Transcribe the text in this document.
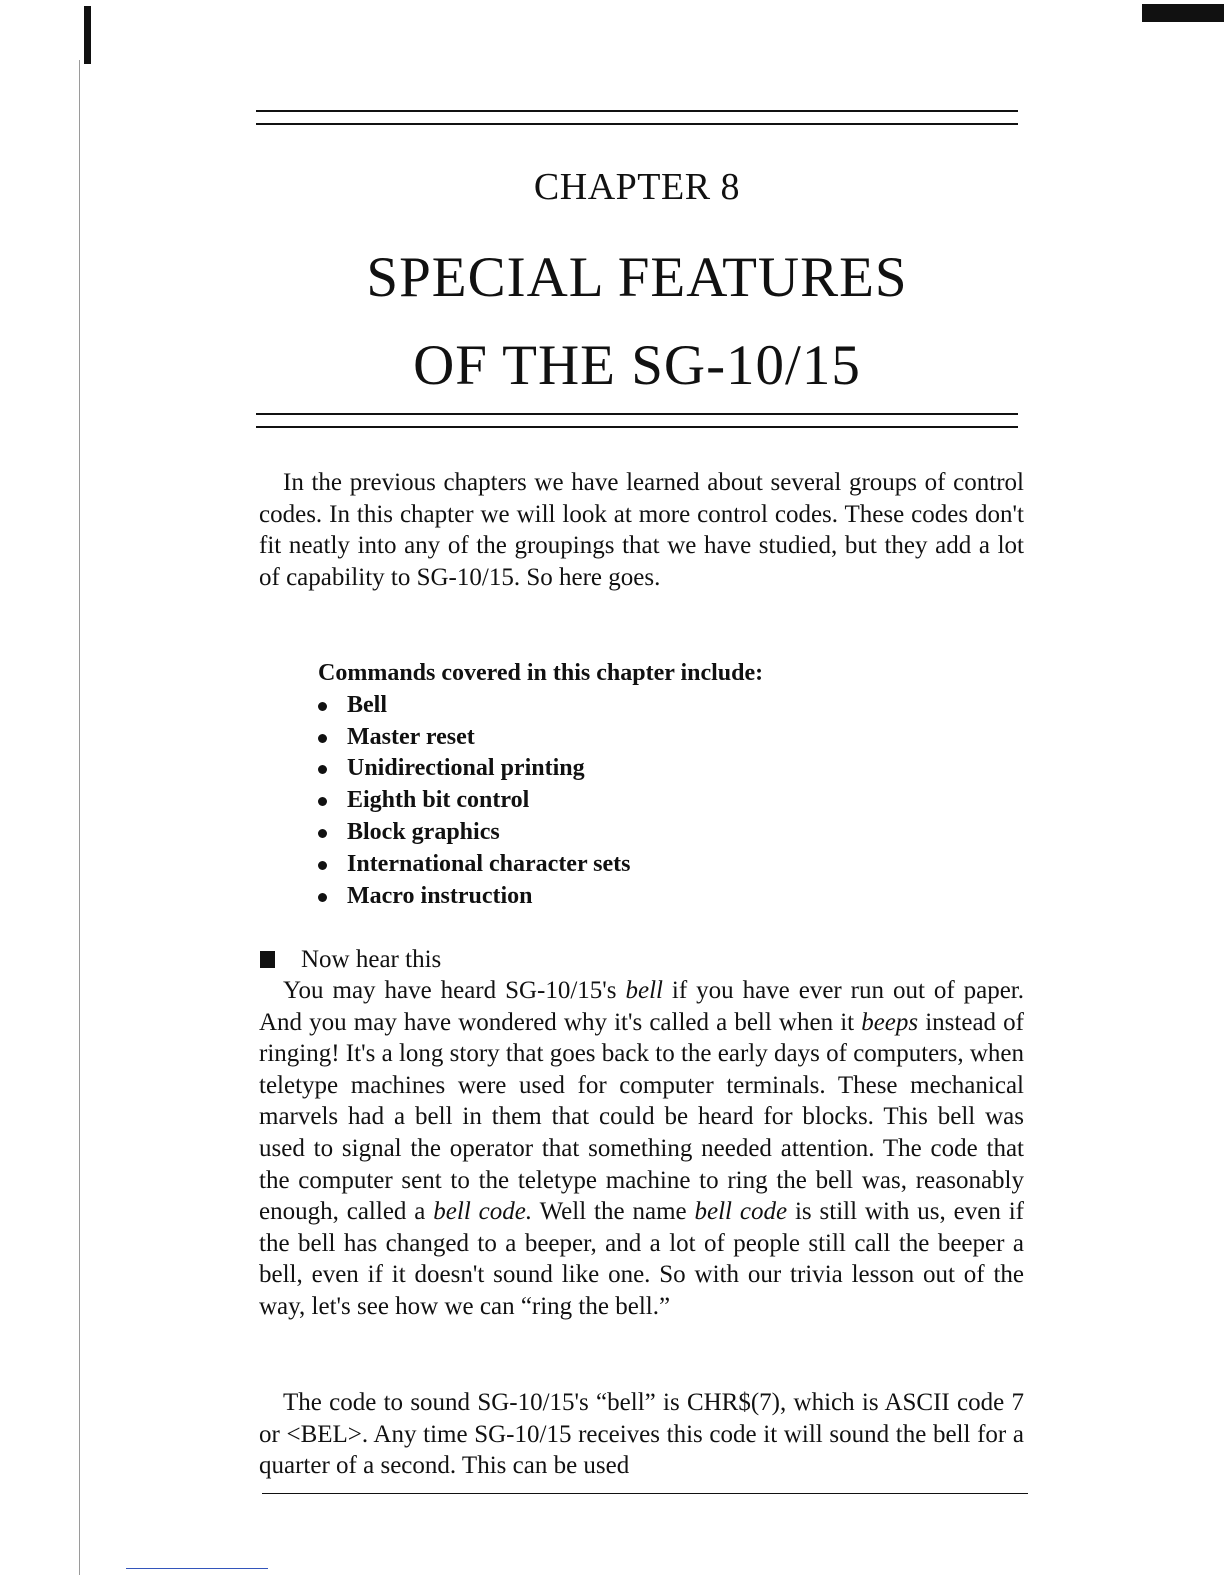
CHAPTER 8
SPECIAL FEATURES
OF THE SG-10/15

In the previous chapters we have learned about several groups of control codes. In this chapter we will look at more control codes. These codes don't fit neatly into any of the groupings that we have studied, but they add a lot of capability to SG-10/15. So here goes.

Commands covered in this chapter include:
Bell
Master reset
Unidirectional printing
Eighth bit control
Block graphics
International character sets
Macro instruction
Now hear this

You may have heard SG-10/15's bell if you have ever run out of paper. And you may have wondered why it's called a bell when it beeps instead of ringing! It's a long story that goes back to the early days of computers, when teletype machines were used for computer terminals. These mechanical marvels had a bell in them that could be heard for blocks. This bell was used to signal the operator that something needed attention. The code that the computer sent to the teletype machine to ring the bell was, reasonably enough, called a bell code. Well the name bell code is still with us, even if the bell has changed to a beeper, and a lot of people still call the beeper a bell, even if it doesn't sound like one. So with our trivia lesson out of the way, let's see how we can “ring the bell.”

The code to sound SG-10/15's “bell” is CHR$(7), which is ASCII code 7 or <BEL>. Any time SG-10/15 receives this code it will sound the bell for a quarter of a second. This can be used
